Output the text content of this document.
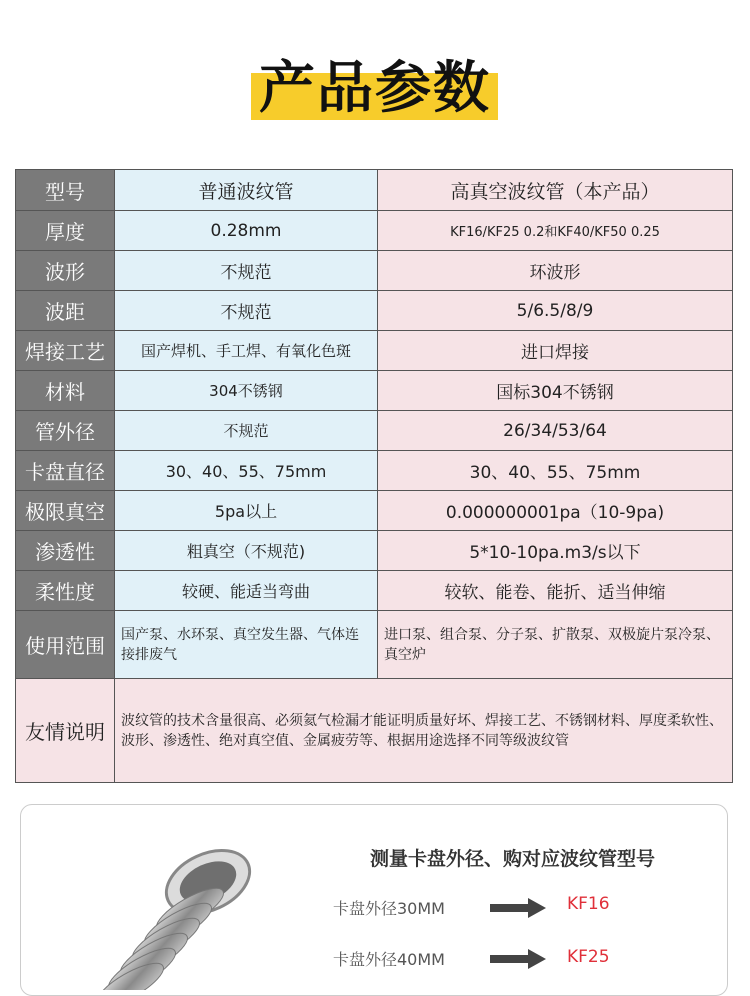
产品参数
型号	普通波纹管	高真空波纹管（本产品）
厚度	0.28mm	KF16/KF25 0.2和KF40/KF50 0.25
波形	不规范	环波形
波距	不规范	5/6.5/8/9
焊接工艺	国产焊机、手工焊、有氧化色斑	进口焊接
材料	304不锈钢	国标304不锈钢
管外径	不规范	26/34/53/64
卡盘直径	30、40、55、75mm	30、40、55、75mm
极限真空	5pa以上	0.000000001pa（10-9pa)
渗透性	粗真空（不规范)	5*10-10pa.m3/s以下
柔性度	较硬、能适当弯曲	较软、能卷、能折、适当伸缩
使用范围	国产泵、水环泵、真空发生器、气体连接排废气	进口泵、组合泵、分子泵、扩散泵、双极旋片泵冷泵、真空炉
友情说明	波纹管的技术含量很高、必须氦气检漏才能证明质量好坏、焊接工艺、不锈钢材料、厚度柔软性、波形、渗透性、绝对真空值、金属疲劳等、根据用途选择不同等级波纹管	
测量卡盘外径、购对应波纹管型号
卡盘外径30MM	KF16
卡盘外径40MM	KF25
